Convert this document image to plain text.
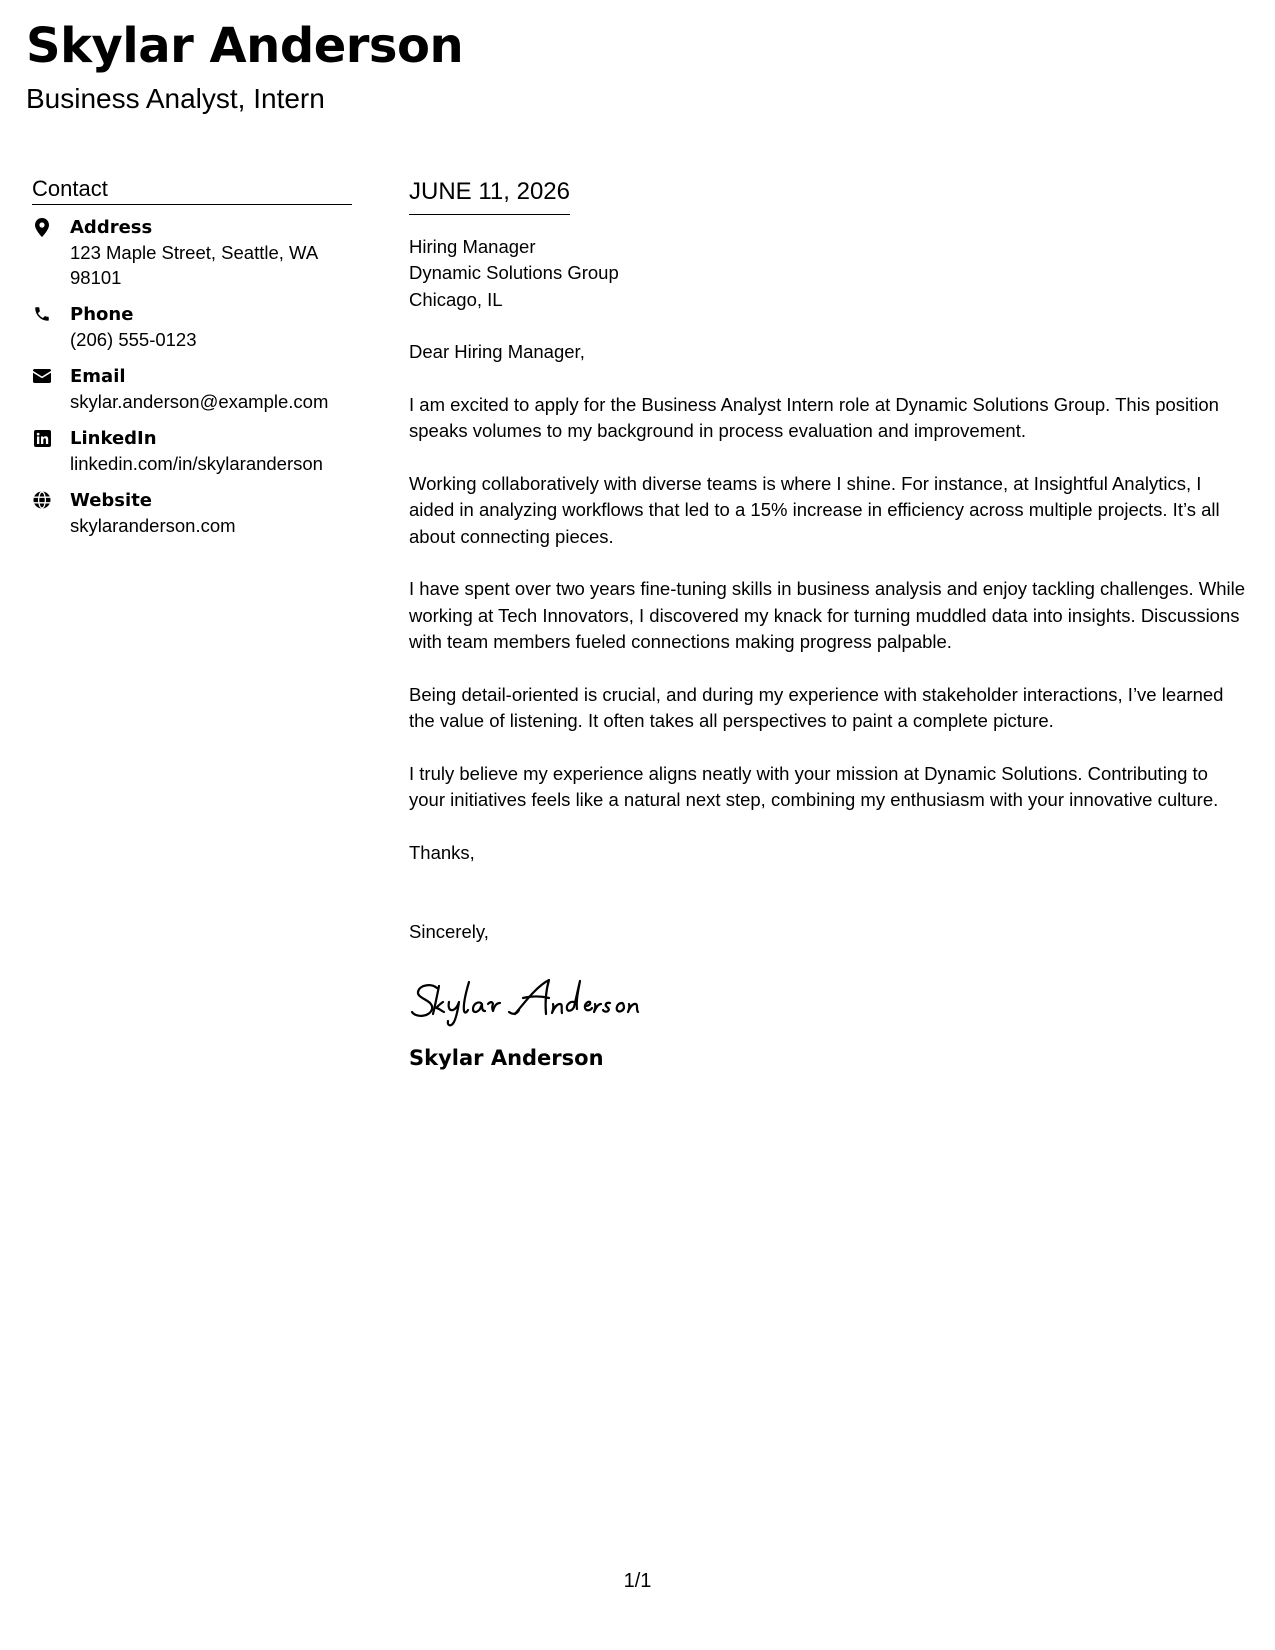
Skylar Anderson
Business Analyst, Intern
Contact
Address
123 Maple Street, Seattle, WA 98101
Phone
(206) 555-0123
Email
skylar.anderson@example.com
LinkedIn
linkedin.com/in/skylaranderson
Website
skylaranderson.com
JUNE 11, 2026
Hiring Manager
Dynamic Solutions Group
Chicago, IL
Dear Hiring Manager,

I am excited to apply for the Business Analyst Intern role at Dynamic Solutions Group. This position speaks volumes to my background in process evaluation and improvement.

Working collaboratively with diverse teams is where I shine. For instance, at Insightful Analytics, I aided in analyzing workflows that led to a 15% increase in efficiency across multiple projects. It’s all about connecting pieces.

I have spent over two years fine-tuning skills in business analysis and enjoy tackling challenges. While working at Tech Innovators, I discovered my knack for turning muddled data into insights. Discussions with team members fueled connections making progress palpable.

Being detail-oriented is crucial, and during my experience with stakeholder interactions, I’ve learned the value of listening. It often takes all perspectives to paint a complete picture.

I truly believe my experience aligns neatly with your mission at Dynamic Solutions. Contributing to your initiatives feels like a natural next step, combining my enthusiasm with your innovative culture.

Thanks,
Sincerely,
Skylar Anderson
1/1
